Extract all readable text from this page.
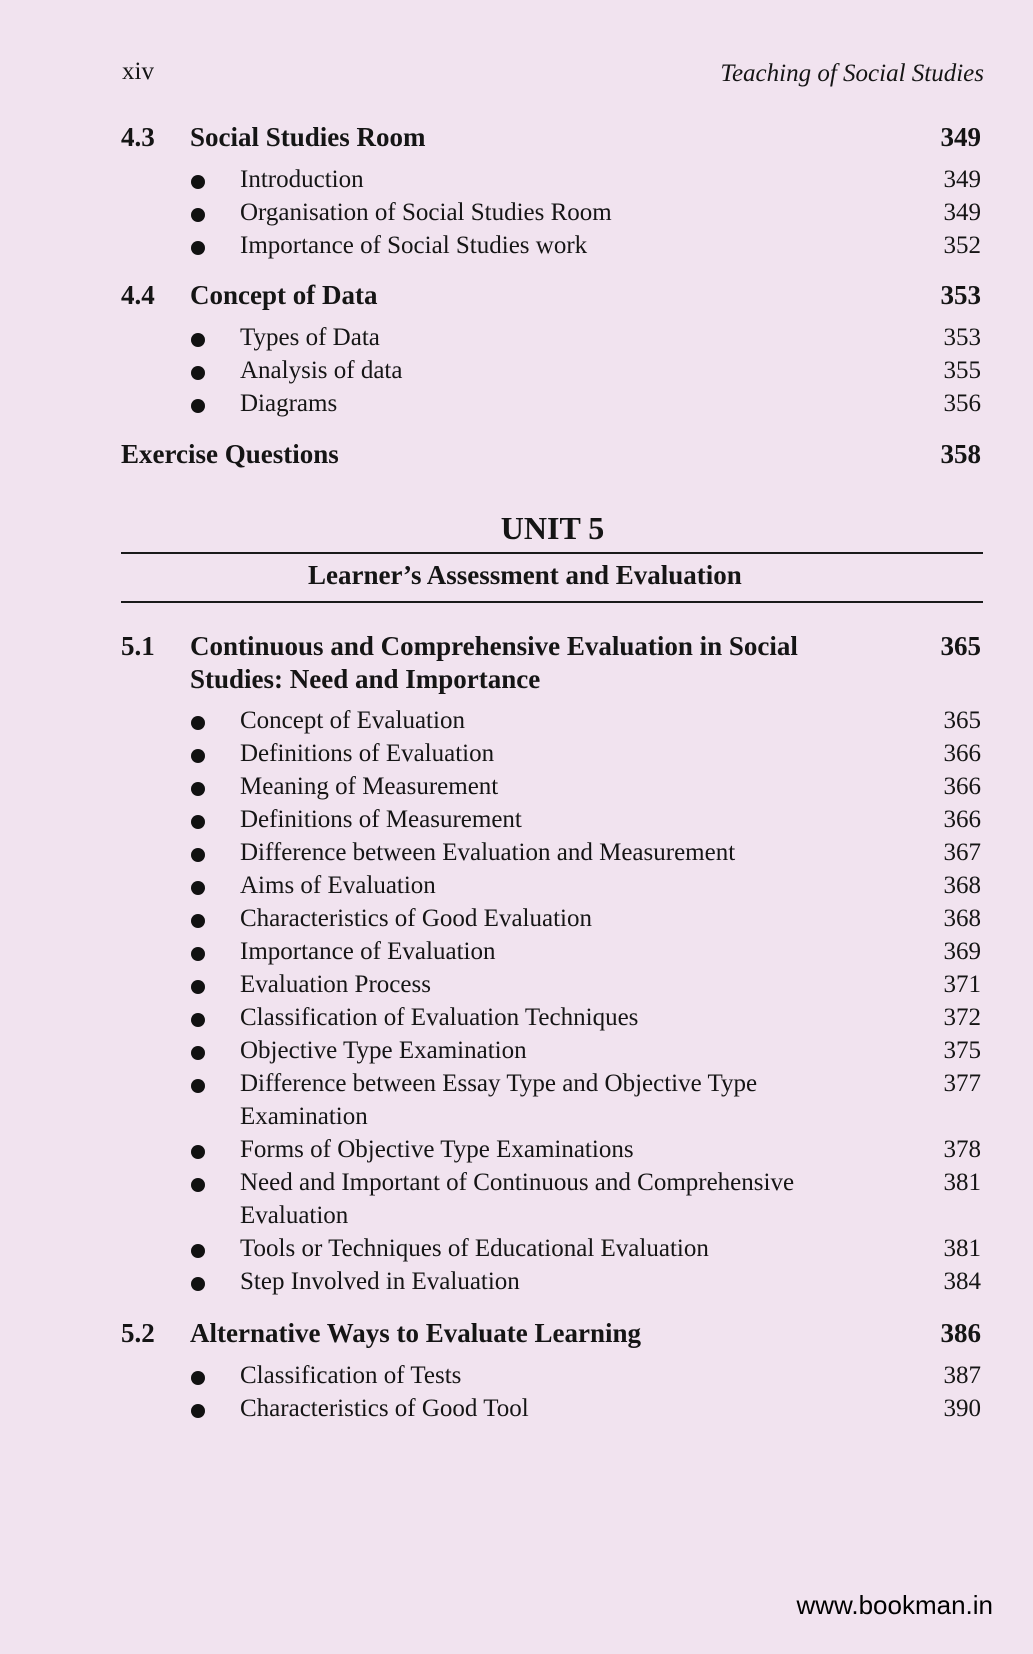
xiv	Teaching of Social Studies
4.3 Social Studies Room	349
Introduction	349
Organisation of Social Studies Room	349
Importance of Social Studies work	352
4.4 Concept of Data	353
Types of Data	353
Analysis of data	355
Diagrams	356
Exercise Questions	358
UNIT 5
Learner’s Assessment and Evaluation
5.1 Continuous and Comprehensive Evaluation in Social	365
Studies: Need and Importance
Concept of Evaluation	365
Definitions of Evaluation	366
Meaning of Measurement	366
Definitions of Measurement	366
Difference between Evaluation and Measurement	367
Aims of Evaluation	368
Characteristics of Good Evaluation	368
Importance of Evaluation	369
Evaluation Process	371
Classification of Evaluation Techniques	372
Objective Type Examination	375
Difference between Essay Type and Objective Type	377
Examination
Forms of Objective Type Examinations	378
Need and Important of Continuous and Comprehensive	381
Evaluation
Tools or Techniques of Educational Evaluation	381
Step Involved in Evaluation	384
5.2 Alternative Ways to Evaluate Learning	386
Classification of Tests	387
Characteristics of Good Tool	390
www.bookman.in
